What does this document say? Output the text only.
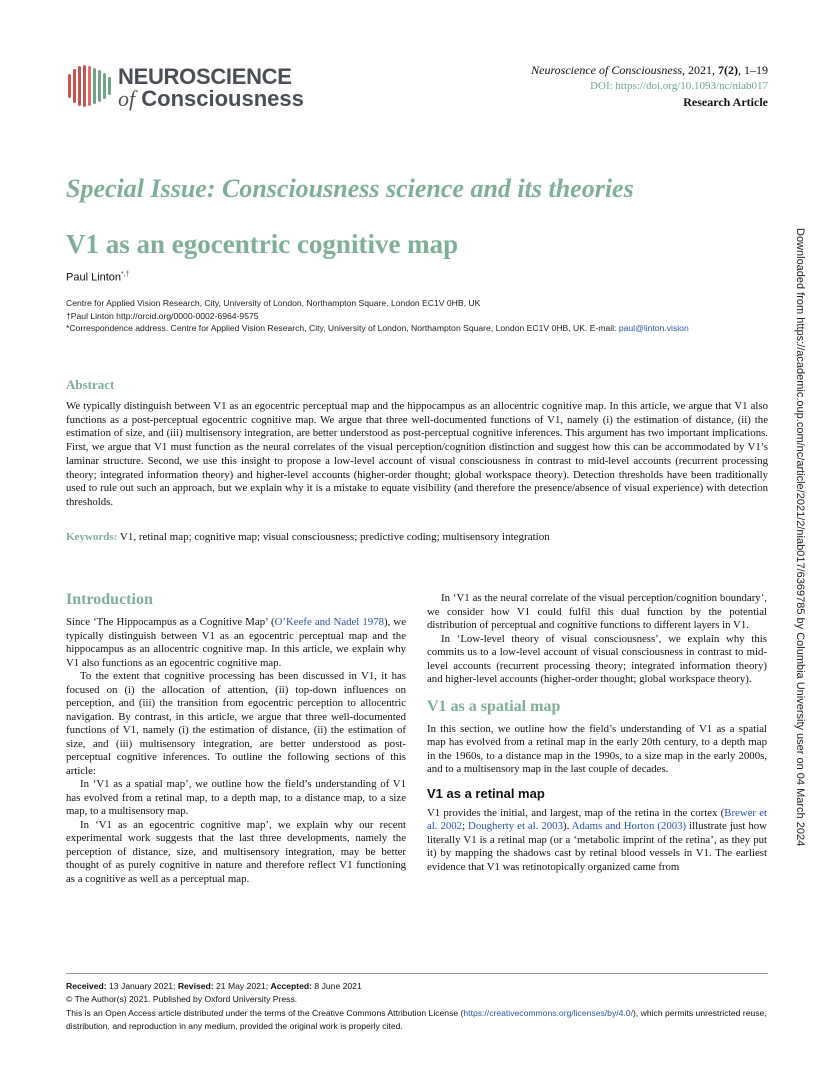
NEUROSCIENCE
of Consciousness
Neuroscience of Consciousness, 2021, 7(2), 1–19
DOI: https://doi.org/10.1093/nc/niab017
Research Article
Special Issue: Consciousness science and its theories
V1 as an egocentric cognitive map
Paul Linton*,†
Centre for Applied Vision Research, City, University of London, Northampton Square, London EC1V 0HB, UK
†Paul Linton http://orcid.org/0000-0002-6964-9575
*Correspondence address. Centre for Applied Vision Research, City, University of London, Northampton Square, London EC1V 0HB, UK. E-mail: paul@linton.vision
Abstract
We typically distinguish between V1 as an egocentric perceptual map and the hippocampus as an allocentric cognitive map. In this article, we argue that V1 also functions as a post-perceptual egocentric cognitive map. We argue that three well-documented functions of V1, namely (i) the estimation of distance, (ii) the estimation of size, and (iii) multisensory integration, are better understood as post-perceptual cognitive inferences. This argument has two important implications. First, we argue that V1 must function as the neural correlates of the visual perception/cognition distinction and suggest how this can be accommodated by V1’s laminar structure. Second, we use this insight to propose a low-level account of visual consciousness in contrast to mid-level accounts (recurrent processing theory; integrated information theory) and higher-level accounts (higher-order thought; global workspace theory). Detection thresholds have been traditionally used to rule out such an approach, but we explain why it is a mistake to equate visibility (and therefore the presence/absence of visual experience) with detection thresholds.
Keywords: V1, retinal map; cognitive map; visual consciousness; predictive coding; multisensory integration
Introduction

Since ‘The Hippocampus as a Cognitive Map’ (O’Keefe and Nadel 1978), we typically distinguish between V1 as an egocentric perceptual map and the hippocampus as an allocentric cognitive map. In this article, we explain why V1 also functions as an egocentric cognitive map.

To the extent that cognitive processing has been discussed in V1, it has focused on (i) the allocation of attention, (ii) top-down influences on perception, and (iii) the transition from egocentric perception to allocentric navigation. By contrast, in this article, we argue that three well-documented functions of V1, namely (i) the estimation of distance, (ii) the estimation of size, and (iii) multisensory integration, are better understood as post-perceptual cognitive inferences. To outline the following sections of this article:

In ‘V1 as a spatial map’, we outline how the field’s understanding of V1 has evolved from a retinal map, to a depth map, to a distance map, to a size map, to a multisensory map.

In ‘V1 as an egocentric cognitive map’, we explain why our recent experimental work suggests that the last three developments, namely the perception of distance, size, and multisensory integration, may be better thought of as purely cognitive in nature and therefore reflect V1 functioning as a cognitive as well as a perceptual map.

In ‘V1 as the neural correlate of the visual perception/cognition boundary’, we consider how V1 could fulfil this dual function by the potential distribution of perceptual and cognitive functions to different layers in V1.

In ‘Low-level theory of visual consciousness’, we explain why this commits us to a low-level account of visual consciousness in contrast to mid-level accounts (recurrent processing theory; integrated information theory) and higher-level accounts (higher-order thought; global workspace theory).

V1 as a spatial map

In this section, we outline how the field’s understanding of V1 as a spatial map has evolved from a retinal map in the early 20th century, to a depth map in the 1960s, to a distance map in the 1990s, to a size map in the early 2000s, and to a multisensory map in the last couple of decades.

V1 as a retinal map

V1 provides the initial, and largest, map of the retina in the cortex (Brewer et al. 2002; Dougherty et al. 2003). Adams and Horton (2003) illustrate just how literally V1 is a retinal map (or a ‘metabolic imprint of the retina’, as they put it) by mapping the shadows cast by retinal blood vessels in V1. The earliest evidence that V1 was retinotopically organized came from

Received: 13 January 2021; Revised: 21 May 2021; Accepted: 8 June 2021
© The Author(s) 2021. Published by Oxford University Press.
This is an Open Access article distributed under the terms of the Creative Commons Attribution License (https://creativecommons.org/licenses/by/4.0/), which permits unrestricted reuse, distribution, and reproduction in any medium, provided the original work is properly cited.
Downloaded from https://academic.oup.com/nc/article/2021/2/niab017/6369785 by Columbia University user on 04 March 2024
